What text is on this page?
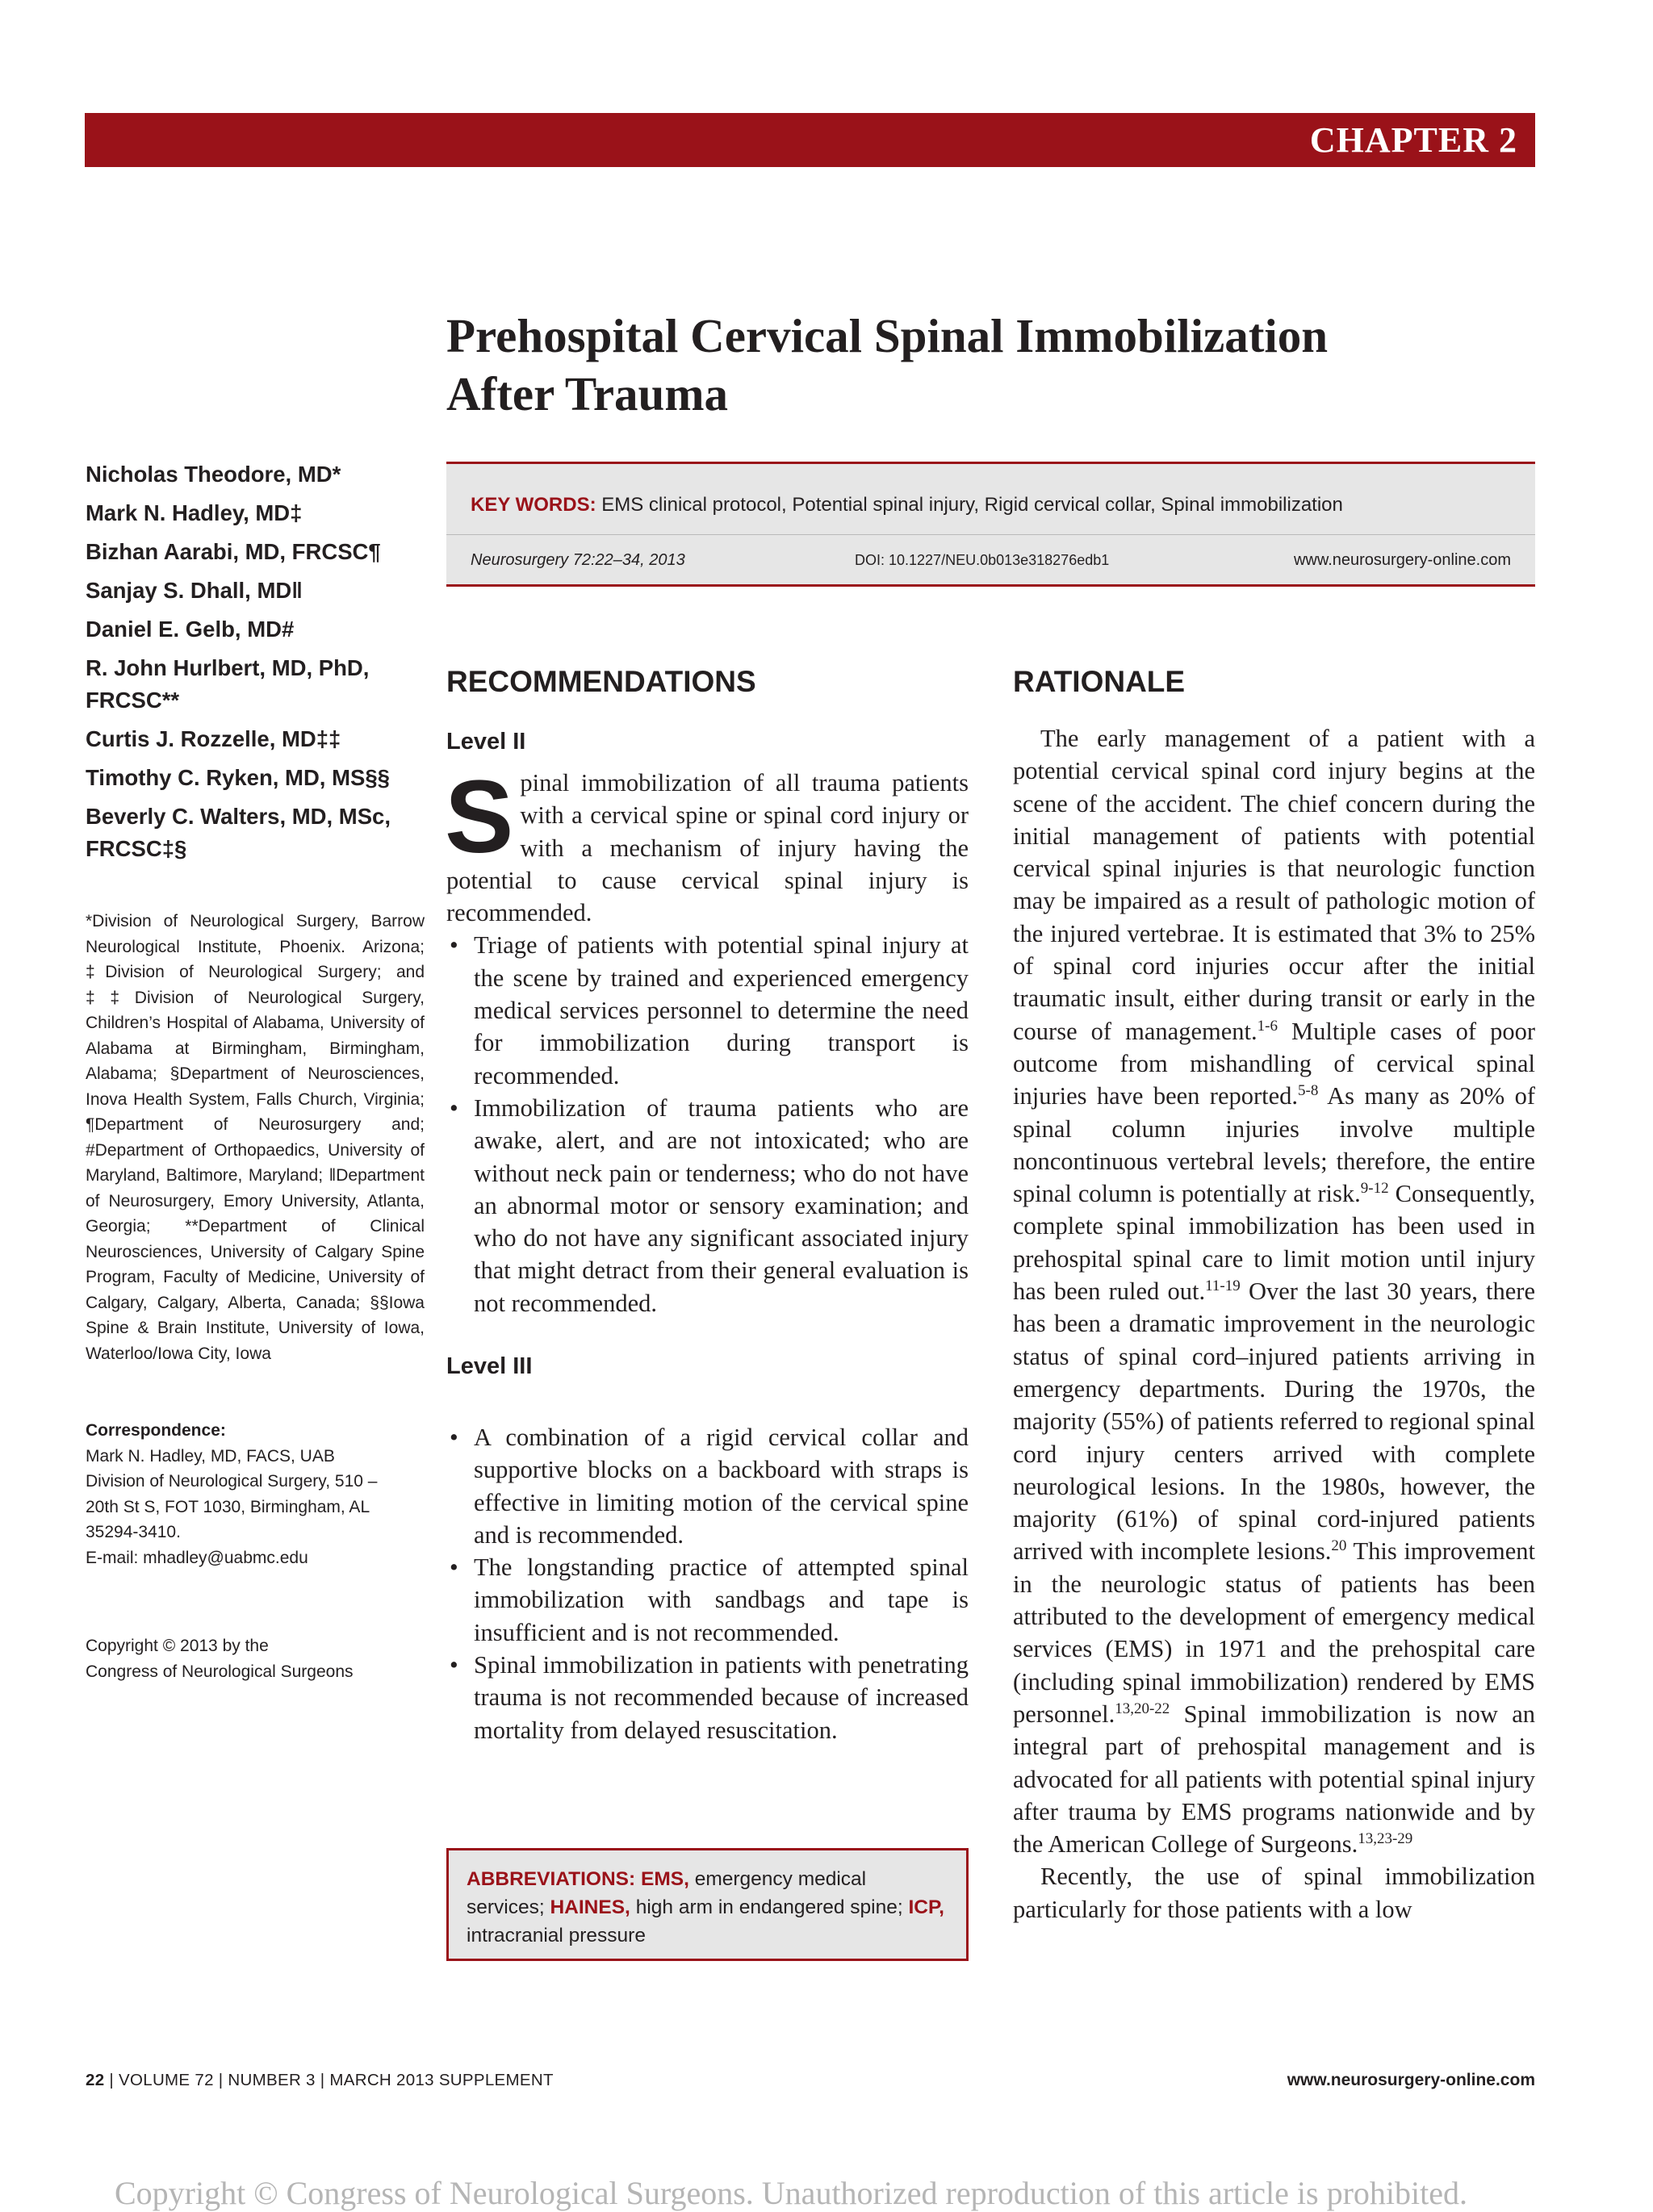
CHAPTER 2
Prehospital Cervical Spinal Immobilization
After Trauma
Nicholas Theodore, MD*
Mark N. Hadley, MD‡
Bizhan Aarabi, MD, FRCSC¶
Sanjay S. Dhall, MD‖
Daniel E. Gelb, MD#
R. John Hurlbert, MD, PhD, FRCSC**
Curtis J. Rozzelle, MD‡‡
Timothy C. Ryken, MD, MS§§
Beverly C. Walters, MD, MSc, FRCSC‡§
*Division of Neurological Surgery, Barrow Neurological Institute, Phoenix. Arizona; ‡Division of Neurological Surgery; and ‡‡Division of Neurological Surgery, Children’s Hospital of Alabama, University of Alabama at Birmingham, Birmingham, Alabama; §Department of Neurosciences, Inova Health System, Falls Church, Virginia; ¶Department of Neurosurgery and; #Department of Orthopaedics, University of Maryland, Baltimore, Maryland; ‖Department of Neurosurgery, Emory University, Atlanta, Georgia; **Department of Clinical Neurosciences, University of Calgary Spine Program, Faculty of Medicine, University of Calgary, Calgary, Alberta, Canada; §§Iowa Spine & Brain Institute, University of Iowa, Waterloo/Iowa City, Iowa
Correspondence:
Mark N. Hadley, MD, FACS, UAB
Division of Neurological Surgery, 510 –
20th St S, FOT 1030, Birmingham, AL
35294-3410.
E-mail: mhadley@uabmc.edu
Copyright © 2013 by the
Congress of Neurological Surgeons
KEY WORDS: EMS clinical protocol, Potential spinal injury, Rigid cervical collar, Spinal immobilization
Neurosurgery 72:22–34, 2013	DOI: 10.1227/NEU.0b013e318276edb1	www.neurosurgery-online.com
RECOMMENDATIONS
Level II
Spinal immobilization of all trauma patients with a cervical spine or spinal cord injury or with a mechanism of injury having the potential to cause cervical spinal injury is recommended.
• Triage of patients with potential spinal injury at the scene by trained and experienced emergency medical services personnel to determine the need for immobilization during transport is recommended.
• Immobilization of trauma patients who are awake, alert, and are not intoxicated; who are without neck pain or tenderness; who do not have an abnormal motor or sensory examination; and who do not have any significant associated injury that might detract from their general evaluation is not recommended.
Level III
• A combination of a rigid cervical collar and supportive blocks on a backboard with straps is effective in limiting motion of the cervical spine and is recommended.
• The longstanding practice of attempted spinal immobilization with sandbags and tape is insufficient and is not recommended.
• Spinal immobilization in patients with penetrating trauma is not recommended because of increased mortality from delayed resuscitation.
ABBREVIATIONS: EMS, emergency medical services; HAINES, high arm in endangered spine; ICP, intracranial pressure
RATIONALE

The early management of a patient with a potential cervical spinal cord injury begins at the scene of the accident. The chief concern during the initial management of patients with potential cervical spinal injuries is that neurologic function may be impaired as a result of pathologic motion of the injured vertebrae. It is estimated that 3% to 25% of spinal cord injuries occur after the initial traumatic insult, either during transit or early in the course of management.$^{1-6}$ Multiple cases of poor outcome from mishandling of cervical spinal injuries have been reported.$^{5-8}$ As many as 20% of spinal column injuries involve multiple noncontinuous vertebral levels; therefore, the entire spinal column is potentially at risk.$^{9-12}$ Consequently, complete spinal immobilization has been used in prehospital spinal care to limit motion until injury has been ruled out.$^{11-19}$ Over the last 30 years, there has been a dramatic improvement in the neurologic status of spinal cord–injured patients arriving in emergency departments. During the 1970s, the majority (55%) of patients referred to regional spinal cord injury centers arrived with complete neurological lesions. In the 1980s, however, the majority (61%) of spinal cord-injured patients arrived with incomplete lesions.$^{20}$ This improvement in the neurologic status of patients has been attributed to the development of emergency medical services (EMS) in 1971 and the prehospital care (including spinal immobilization) rendered by EMS personnel.$^{13,20-22}$ Spinal immobilization is now an integral part of prehospital management and is advocated for all patients with potential spinal injury after trauma by EMS programs nationwide and by the American College of Surgeons.$^{13,23-29}$

Recently, the use of spinal immobilization particularly for those patients with a low

22 | VOLUME 72 | NUMBER 3 | MARCH 2013 SUPPLEMENT	www.neurosurgery-online.com
Copyright © Congress of Neurological Surgeons. Unauthorized reproduction of this article is prohibited.
